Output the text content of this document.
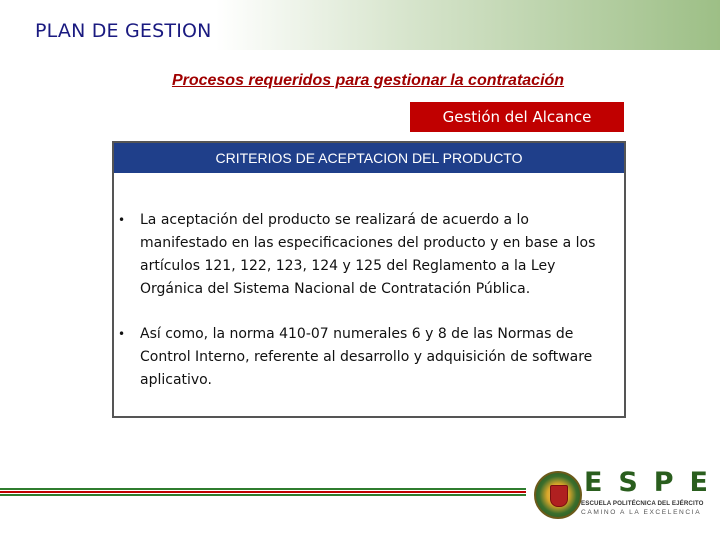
PLAN DE GESTION
Procesos requeridos para gestionar la contratación
Gestión del Alcance
CRITERIOS DE ACEPTACION DEL PRODUCTO
• La aceptación del producto se realizará de acuerdo a lo manifestado en las especificaciones del producto y en base a los artículos 121, 122, 123, 124 y 125 del Reglamento a la Ley Orgánica del Sistema Nacional de Contratación Pública.
• Así como, la norma 410-07 numerales 6 y 8 de las Normas de Control Interno, referente al desarrollo y adquisición de software aplicativo.
E S P E
ESCUELA POLITÉCNICA DEL EJÉRCITO
CAMINO A LA EXCELENCIA
